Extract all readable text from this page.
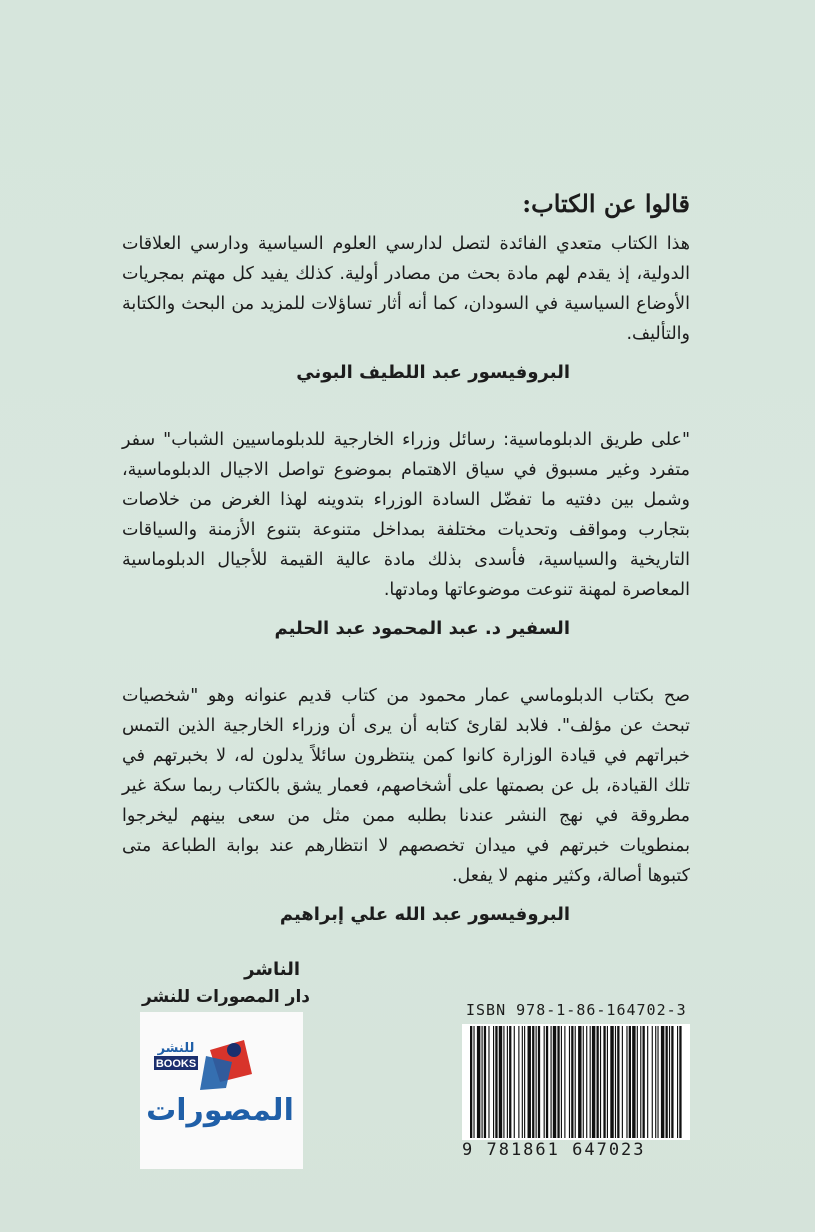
قالوا عن الكتاب:

هذا الكتاب متعدي الفائدة لتصل لدارسي العلوم السياسية ودارسي العلاقات الدولية، إذ يقدم لهم مادة بحث من مصادر أولية. كذلك يفيد كل مهتم بمجريات الأوضاع السياسية في السودان، كما أنه أثار تساؤلات للمزيد من البحث والكتابة والتأليف.

البروفيسور عبد اللطيف البوني

"على طريق الدبلوماسية: رسائل وزراء الخارجية للدبلوماسيين الشباب" سفر متفرد وغير مسبوق في سياق الاهتمام بموضوع تواصل الاجيال الدبلوماسية، وشمل بين دفتيه ما تفضّل السادة الوزراء بتدوينه لهذا الغرض من خلاصات بتجارب ومواقف وتحديات مختلفة بمداخل متنوعة بتنوع الأزمنة والسياقات التاريخية والسياسية، فأسدى بذلك مادة عالية القيمة للأجيال الدبلوماسية المعاصرة لمهنة تنوعت موضوعاتها ومادتها.

السفير د. عبد المحمود عبد الحليم

صح بكتاب الدبلوماسي عمار محمود من كتاب قديم عنوانه وهو "شخصيات تبحث عن مؤلف". فلابد لقارئ كتابه أن يرى أن وزراء الخارجية الذين التمس خبراتهم في قيادة الوزارة كانوا كمن ينتظرون سائلاً يدلون له، لا بخبرتهم في تلك القيادة، بل عن بصمتها على أشخاصهم، فعمار يشق بالكتاب ربما سكة غير مطروقة في نهج النشر عندنا بطلبه ممن مثل من سعى بينهم ليخرجوا بمنطويات خبرتهم في ميدان تخصصهم لا انتظارهم عند بوابة الطباعة متى كتبوها أصالة، وكثير منهم لا يفعل.

البروفيسور عبد الله علي إبراهيم
الناشر
دار المصورات للنشر
BOOKS
للنشر
المصورات
ISBN 978-1-86-164702-3
9 781861 647023
